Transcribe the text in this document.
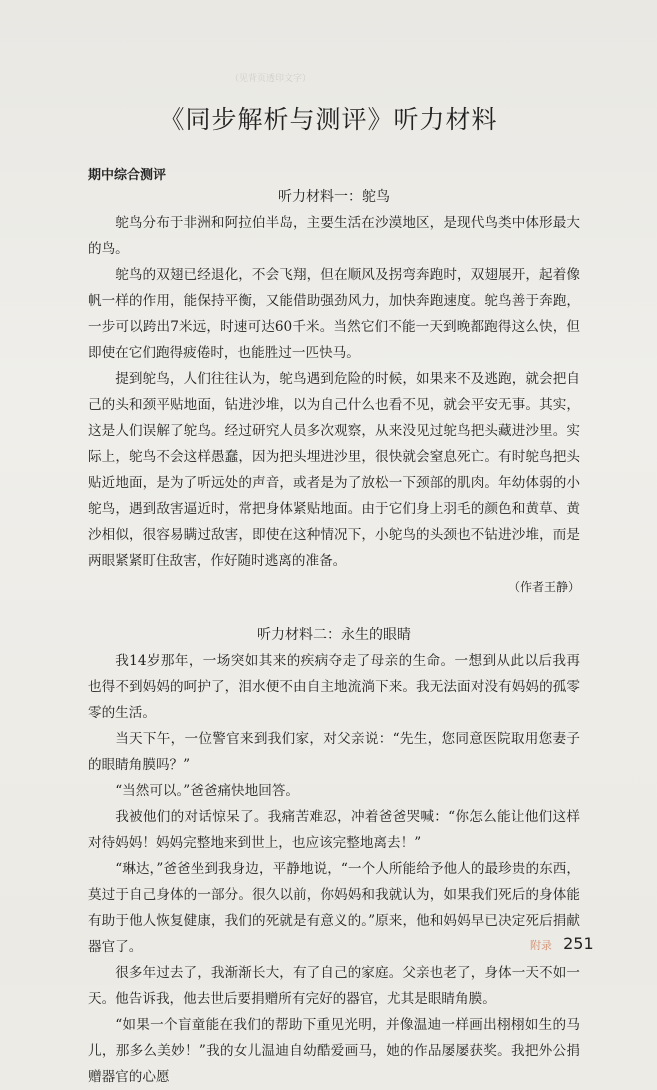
（见背页透印文字）
《同步解析与测评》听力材料
期中综合测评
听力材料一：鸵鸟

鸵鸟分布于非洲和阿拉伯半岛，主要生活在沙漠地区，是现代鸟类中体形最大的鸟。

鸵鸟的双翅已经退化，不会飞翔，但在顺风及拐弯奔跑时，双翅展开，起着像帆一样的作用，能保持平衡，又能借助强劲风力，加快奔跑速度。鸵鸟善于奔跑，一步可以跨出7米远，时速可达60千米。当然它们不能一天到晚都跑得这么快，但即使在它们跑得疲倦时，也能胜过一匹快马。

提到鸵鸟，人们往往认为，鸵鸟遇到危险的时候，如果来不及逃跑，就会把自己的头和颈平贴地面，钻进沙堆，以为自己什么也看不见，就会平安无事。其实，这是人们误解了鸵鸟。经过研究人员多次观察，从来没见过鸵鸟把头藏进沙里。实际上，鸵鸟不会这样愚蠢，因为把头埋进沙里，很快就会窒息死亡。有时鸵鸟把头贴近地面，是为了听远处的声音，或者是为了放松一下颈部的肌肉。年幼体弱的小鸵鸟，遇到敌害逼近时，常把身体紧贴地面。由于它们身上羽毛的颜色和黄草、黄沙相似，很容易瞒过敌害，即使在这种情况下，小鸵鸟的头颈也不钻进沙堆，而是两眼紧紧盯住敌害，作好随时逃离的准备。

（作者王静）
听力材料二：永生的眼睛

我14岁那年，一场突如其来的疾病夺走了母亲的生命。一想到从此以后我再也得不到妈妈的呵护了，泪水便不由自主地流淌下来。我无法面对没有妈妈的孤零零的生活。

当天下午，一位警官来到我们家，对父亲说：“先生，您同意医院取用您妻子的眼睛角膜吗？”

“当然可以。”爸爸痛快地回答。

我被他们的对话惊呆了。我痛苦难忍，冲着爸爸哭喊：“你怎么能让他们这样对待妈妈！妈妈完整地来到世上，也应该完整地离去！”

“琳达，”爸爸坐到我身边，平静地说，“一个人所能给予他人的最珍贵的东西，莫过于自己身体的一部分。很久以前，你妈妈和我就认为，如果我们死后的身体能有助于他人恢复健康，我们的死就是有意义的。”原来，他和妈妈早已决定死后捐献器官了。

很多年过去了，我渐渐长大，有了自己的家庭。父亲也老了，身体一天不如一天。他告诉我，他去世后要捐赠所有完好的器官，尤其是眼睛角膜。

“如果一个盲童能在我们的帮助下重见光明，并像温迪一样画出栩栩如生的马儿，那多么美妙！”我的女儿温迪自幼酷爱画马，她的作品屡屡获奖。我把外公捐赠器官的心愿

附录 251
